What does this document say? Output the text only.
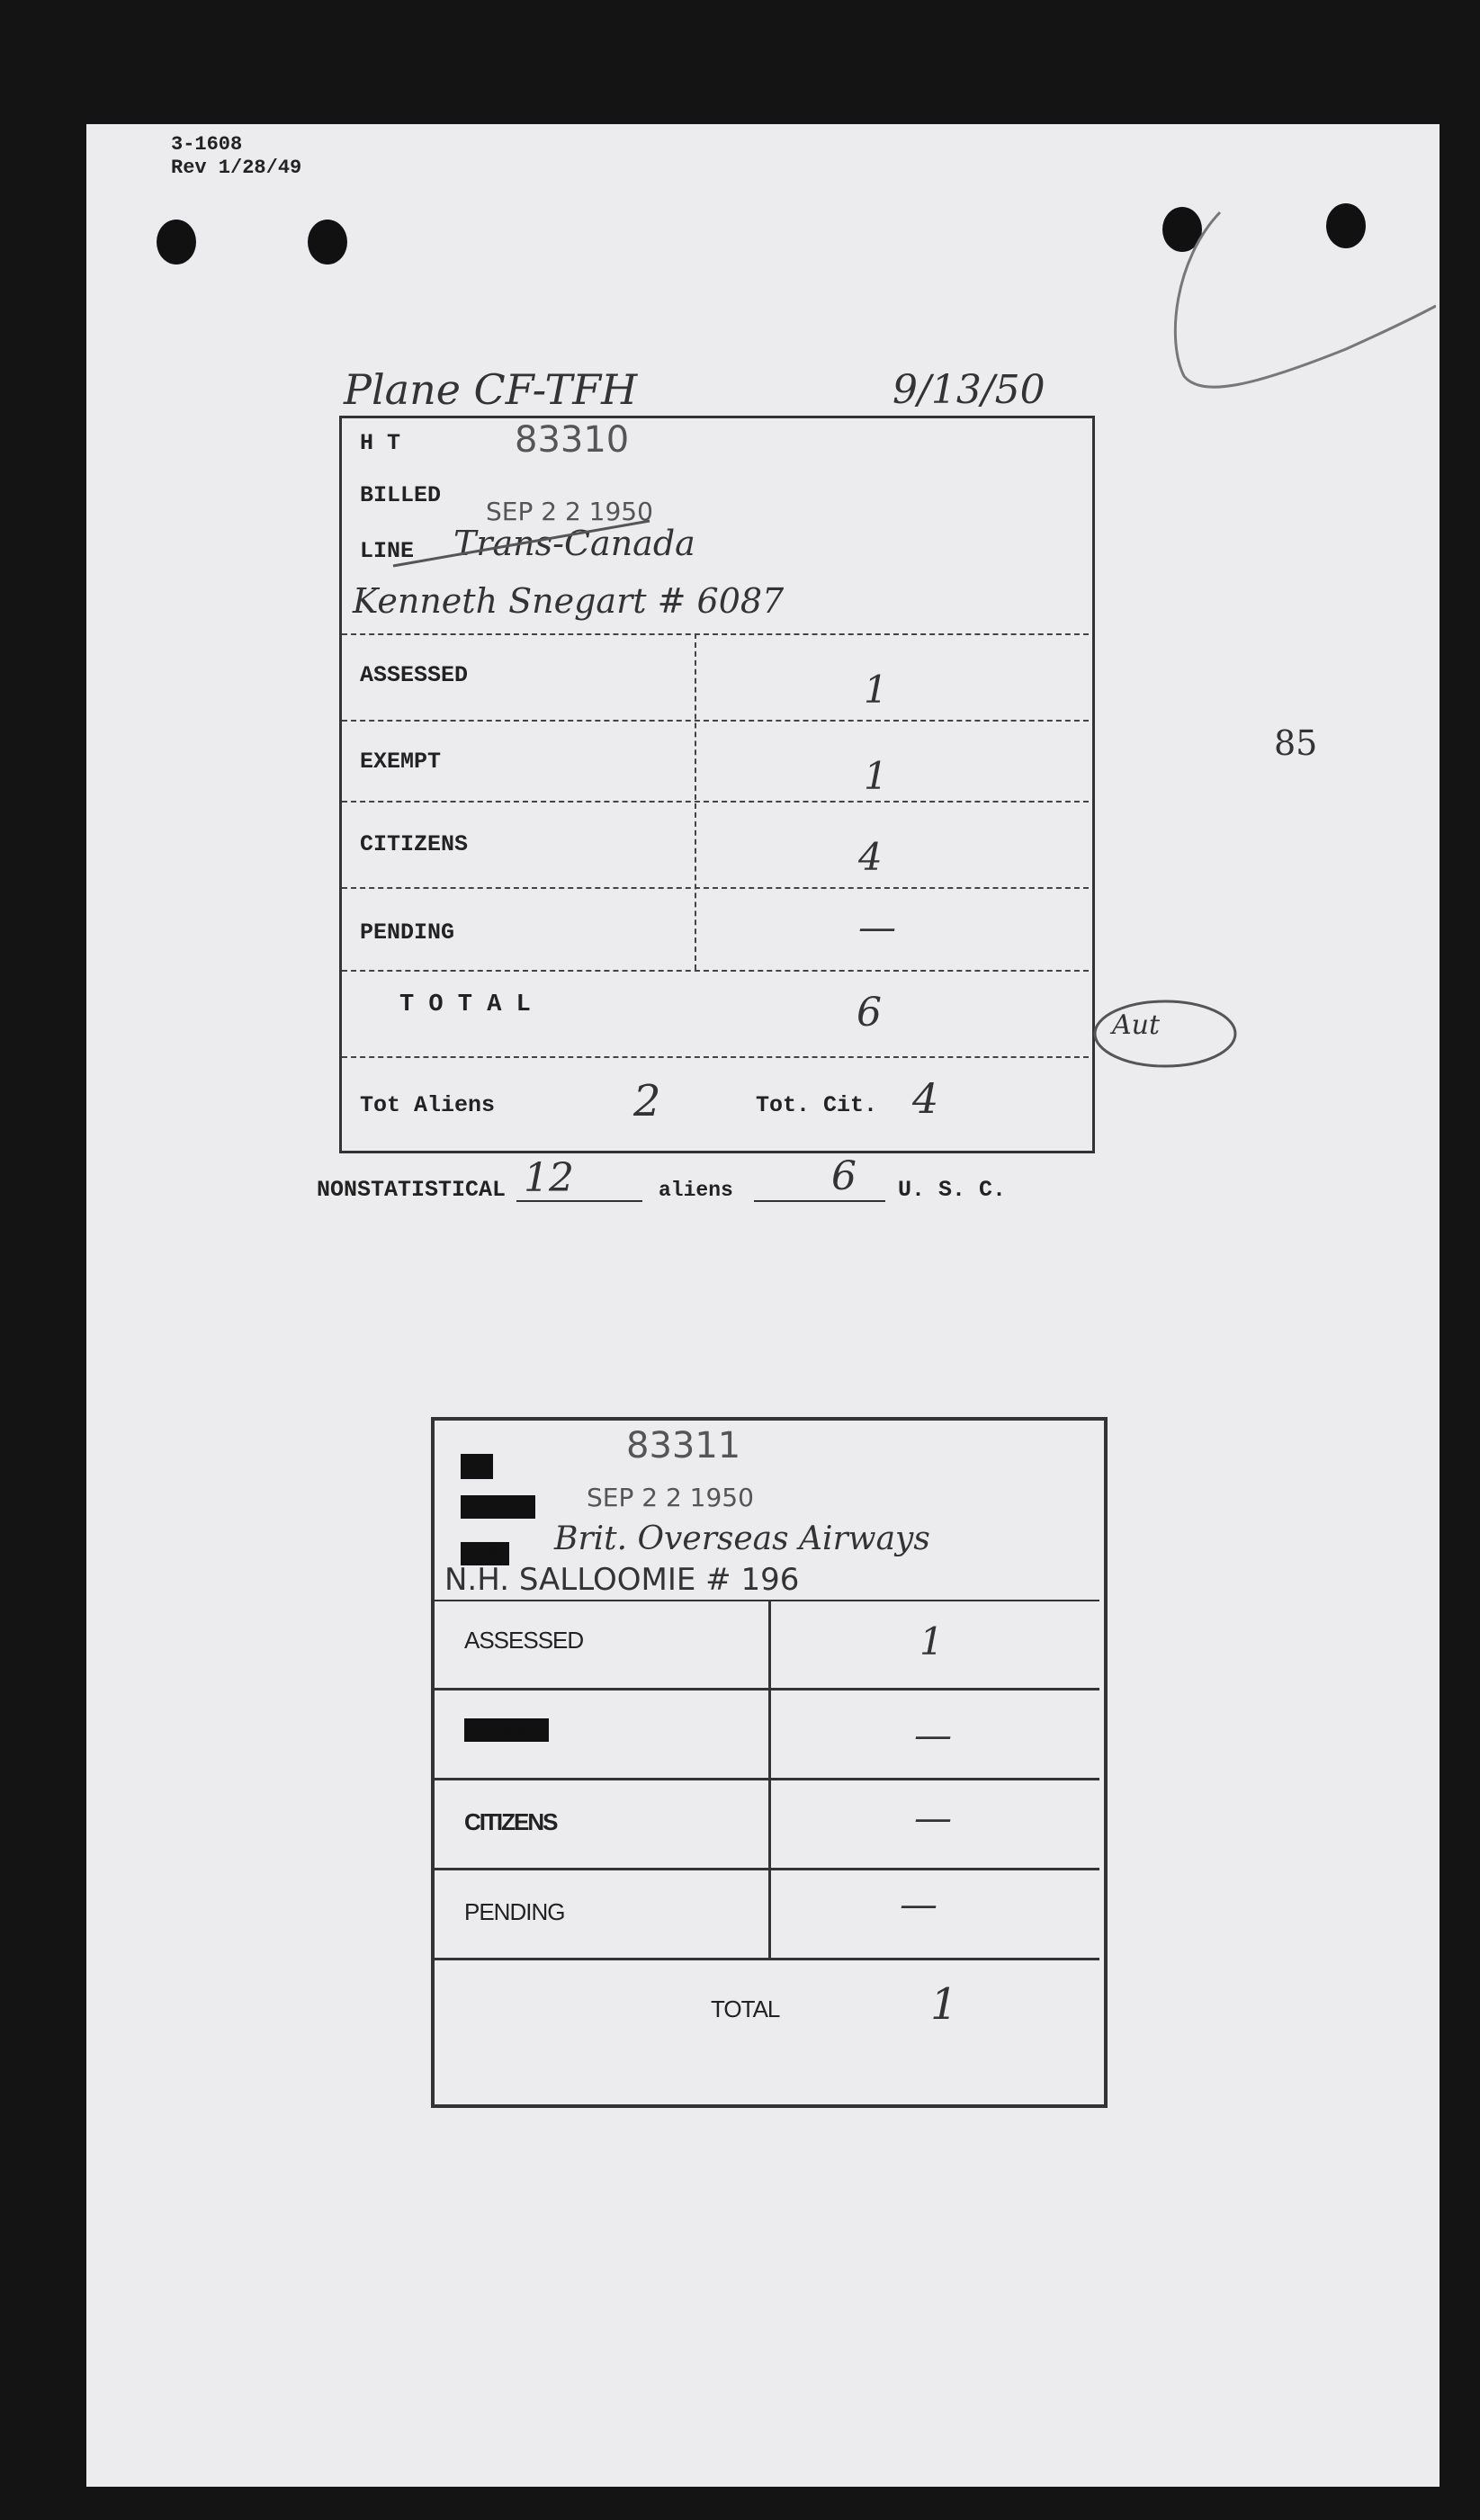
3-1608
Rev 1/28/49
85
Plane CF-TFH	9/13/50
H T	83310
BILLED
SEP 2 2 1950
LINE Trans-Canada
Kenneth Snegart # 6087
ASSESSED	1
EXEMPT	1
CITIZENS	4
PENDING	—
T O T A L	6	Aut
Tot Aliens	2	Tot. Cit. 4
NONSTATISTICAL 12	aliens 6 U. S. C.
HT	83311
BILLED SEP 2 2 1950
LINE Brit. Overseas Airways
N.H. SALLOOMIE # 196
ASSESSED	1
EXEMPT	—
CITIZENS	—
PENDING	—
TOTAL	1
